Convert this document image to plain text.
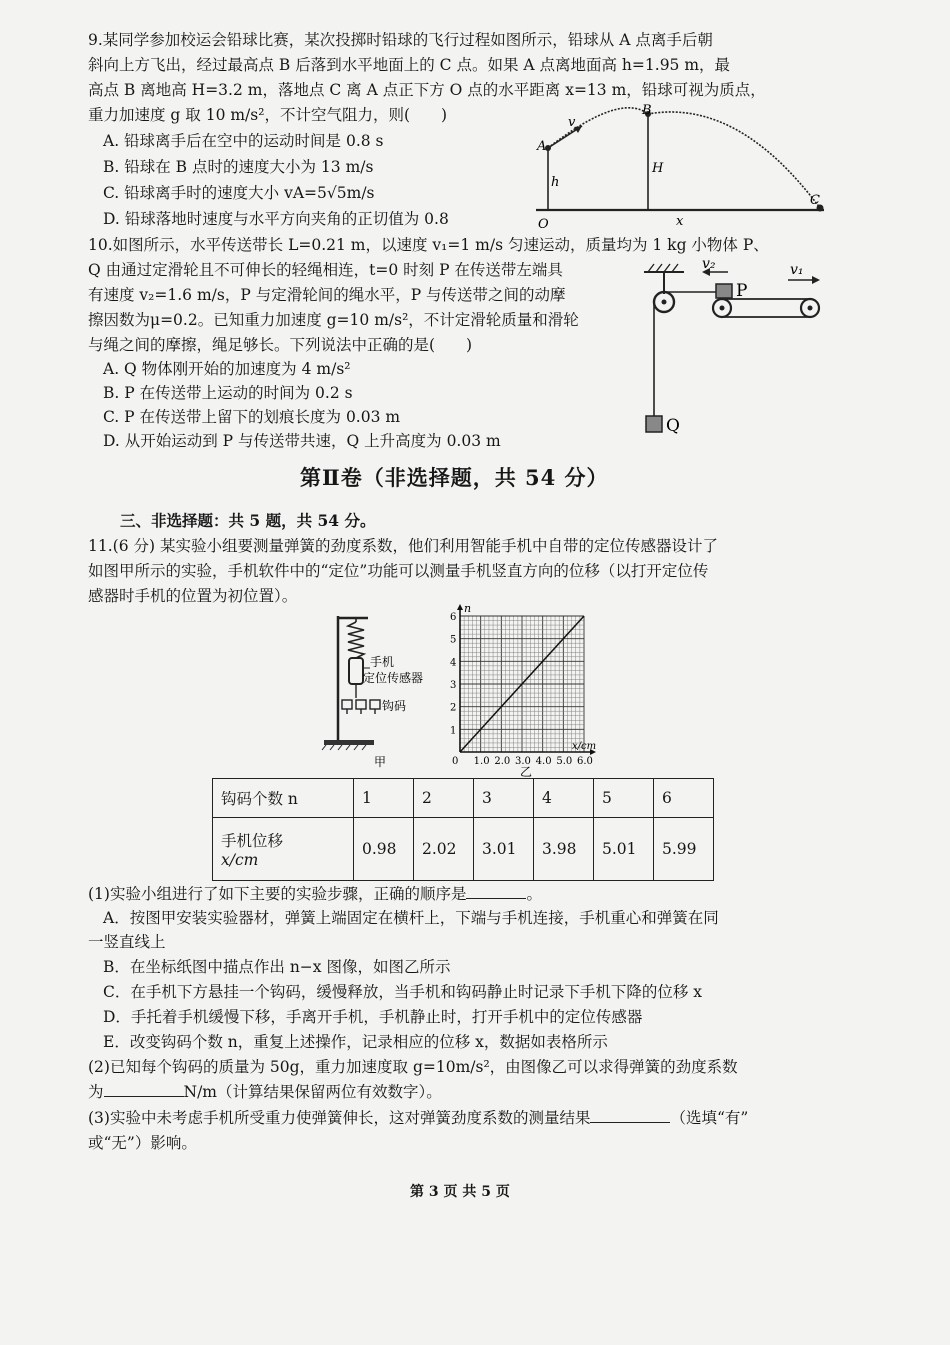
9.某同学参加校运会铅球比赛，某次投掷时铅球的飞行过程如图所示，铅球从 A 点离手后朝
斜向上方飞出，经过最高点 B 后落到水平地面上的 C 点。如果 A 点离地面高 h=1.95 m，最
高点 B 离地高 H=3.2 m，落地点 C 离 A 点正下方 O 点的水平距离 x=13 m，铅球可视为质点，
重力加速度 g 取 10 m/s²，不计空气阻力，则(　　)
A. 铅球离手后在空中的运动时间是 0.8 s
B. 铅球在 B 点时的速度大小为 13 m/s
C. 铅球离手时的速度大小 vA=5√5m/s
D. 铅球落地时速度与水平方向夹角的正切值为 0.8
A
B
C
O
h
H
x
v
10.如图所示，水平传送带长 L=0.21 m，以速度 v₁=1 m/s 匀速运动，质量均为 1 kg 小物体 P、
Q 由通过定滑轮且不可伸长的轻绳相连，t=0 时刻 P 在传送带左端具
有速度 v₂=1.6 m/s，P 与定滑轮间的绳水平，P 与传送带之间的动摩
擦因数为μ=0.2。已知重力加速度 g=10 m/s²，不计定滑轮质量和滑轮
与绳之间的摩擦，绳足够长。下列说法中正确的是(　　)
A. Q 物体刚开始的加速度为 4 m/s²
B. P 在传送带上运动的时间为 0.2 s
C. P 在传送带上留下的划痕长度为 0.03 m
D. 从开始运动到 P 与传送带共速，Q 上升高度为 0.03 m
Q
P
v₂	v₁
第Ⅱ卷（非选择题，共 54 分）
三、非选择题：共 5 题，共 54 分。
11.(6 分) 某实验小组要测量弹簧的劲度系数，他们利用智能手机中自带的定位传感器设计了
如图甲所示的实验，手机软件中的“定位”功能可以测量手机竖直方向的位移（以打开定位传
感器时手机的位置为初位置）。
手机
定位传感器
钩码
甲	0 1.0 2.0 3.0 4.0 5.0 6.0
1
2
3
4
5
6
n
x/cm
乙
钩码个数 n	1	2	3	4	5	6

手机位移
x/cm	0.98	2.02	3.01	3.98	5.01	5.99
(1)实验小组进行了如下主要的实验步骤，正确的顺序是	。
A．按图甲安装实验器材，弹簧上端固定在横杆上，下端与手机连接，手机重心和弹簧在同
一竖直线上
B．在坐标纸图中描点作出 n−x 图像，如图乙所示
C．在手机下方悬挂一个钩码，缓慢释放，当手机和钩码静止时记录下手机下降的位移 x
D．手托着手机缓慢下移，手离开手机，手机静止时，打开手机中的定位传感器
E．改变钩码个数 n，重复上述操作，记录相应的位移 x，数据如表格所示
(2)已知每个钩码的质量为 50g，重力加速度取 g=10m/s²，由图像乙可以求得弹簧的劲度系数
为	N/m（计算结果保留两位有效数字）。
(3)实验中未考虑手机所受重力使弹簧伸长，这对弹簧劲度系数的测量结果	（选填“有”
或“无”）影响。
第 3 页 共 5 页
